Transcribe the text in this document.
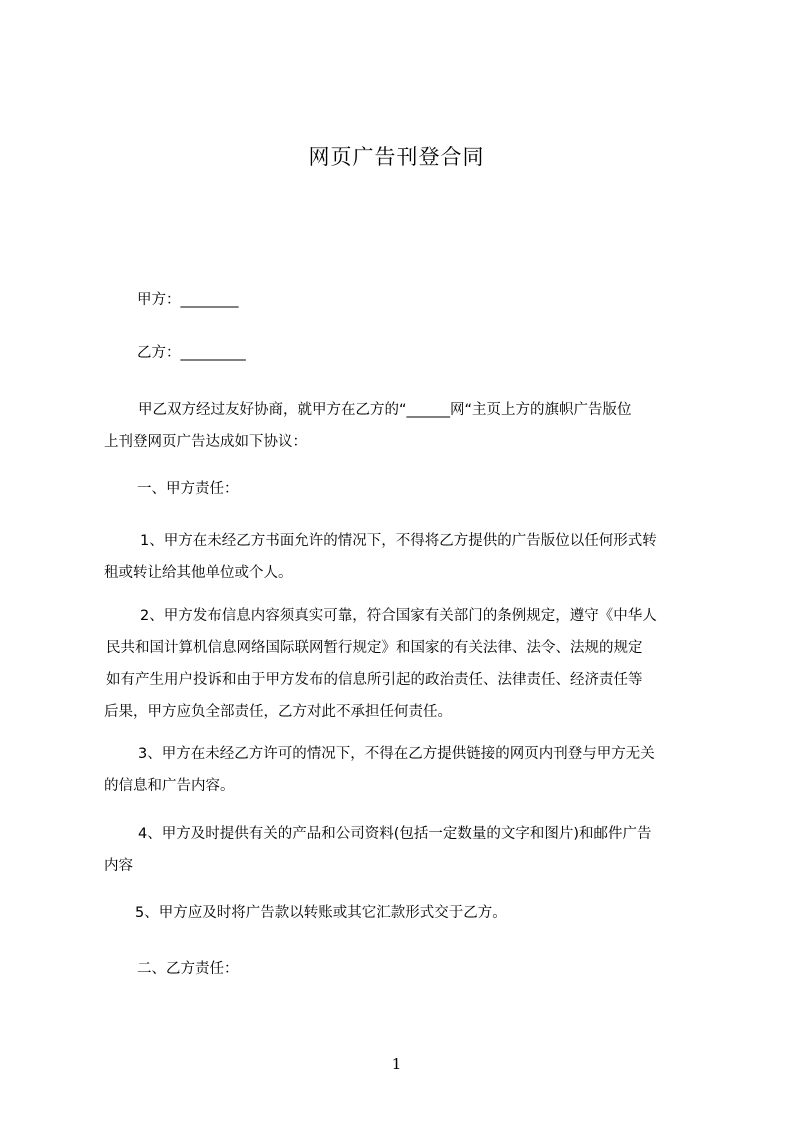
网页广告刊登合同

甲方：________

乙方：_________

甲乙双方经过友好协商，就甲方在乙方的“______网“主页上方的旗帜广告版位
上刊登网页广告达成如下协议：

一、甲方责任：

1、甲方在未经乙方书面允许的情况下，不得将乙方提供的广告版位以任何形式转
租或转让给其他单位或个人。
2、甲方发布信息内容须真实可靠，符合国家有关部门的条例规定，遵守《中华人
民共和国计算机信息网络国际联网暂行规定》和国家的有关法律、法令、法规的规定
如有产生用户投诉和由于甲方发布的信息所引起的政治责任、法律责任、经济责任等
后果，甲方应负全部责任，乙方对此不承担任何责任。
3、甲方在未经乙方许可的情况下，不得在乙方提供链接的网页内刊登与甲方无关
的信息和广告内容。
4、甲方及时提供有关的产品和公司资料(包括一定数量的文字和图片)和邮件广告
内容

5、甲方应及时将广告款以转账或其它汇款形式交于乙方。

二、乙方责任：

1
